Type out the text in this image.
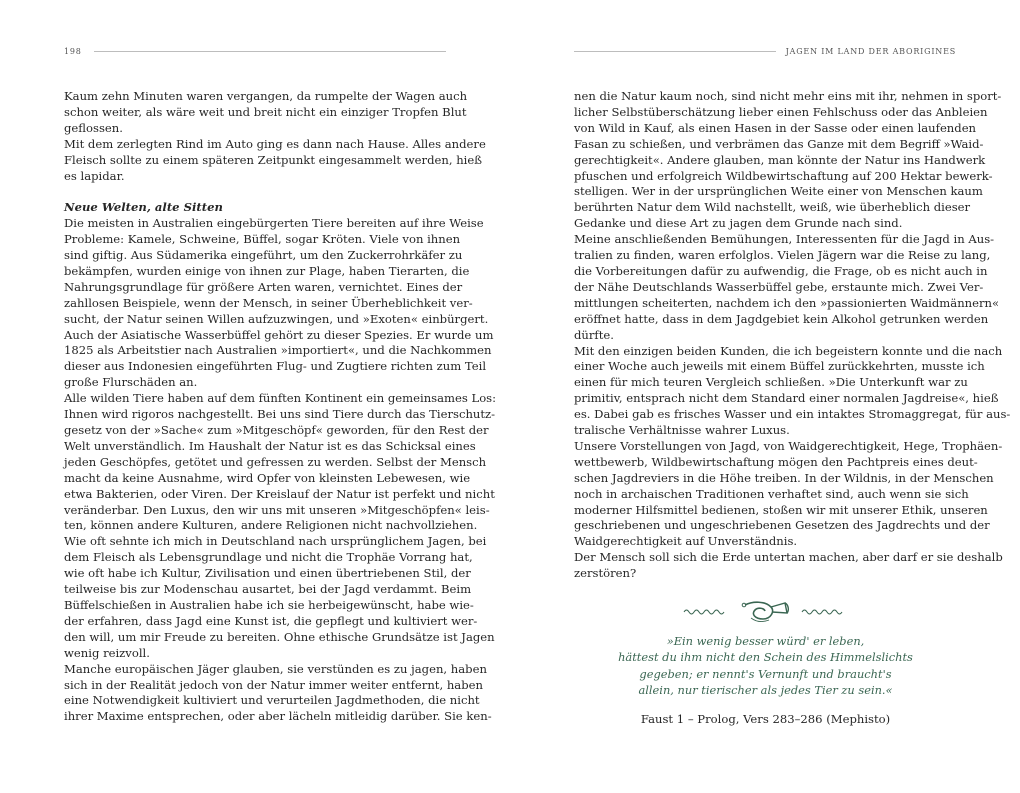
198
Kaum zehn Minuten waren vergangen, da rumpelte der Wagen auch
schon weiter, als wäre weit und breit nicht ein einziger Tropfen Blut
geflossen.
Mit dem zerlegten Rind im Auto ging es dann nach Hause. Alles andere
Fleisch sollte zu einem späteren Zeitpunkt eingesammelt werden, hieß
es lapidar.
Neue Welten, alte Sitten
Die meisten in Australien eingebürgerten Tiere bereiten auf ihre Weise
Probleme: Kamele, Schweine, Büffel, sogar Kröten. Viele von ihnen
sind giftig. Aus Südamerika eingeführt, um den Zuckerrohrkäfer zu
bekämpfen, wurden einige von ihnen zur Plage, haben Tierarten, die
Nahrungsgrundlage für größere Arten waren, vernichtet. Eines der
zahllosen Beispiele, wenn der Mensch, in seiner Überheblichkeit ver-
sucht, der Natur seinen Willen aufzuzwingen, und »Exoten« einbürgert.
Auch der Asiatische Wasserbüffel gehört zu dieser Spezies. Er wurde um
1825 als Arbeitstier nach Australien »importiert«, und die Nachkommen
dieser aus Indonesien eingeführten Flug- und Zugtiere richten zum Teil
große Flurschäden an.
Alle wilden Tiere haben auf dem fünften Kontinent ein gemeinsames Los:
Ihnen wird rigoros nachgestellt. Bei uns sind Tiere durch das Tierschutz-
gesetz von der »Sache« zum »Mitgeschöpf« geworden, für den Rest der
Welt unverständlich. Im Haushalt der Natur ist es das Schicksal eines
jeden Geschöpfes, getötet und gefressen zu werden. Selbst der Mensch
macht da keine Ausnahme, wird Opfer von kleinsten Lebewesen, wie
etwa Bakterien, oder Viren. Der Kreislauf der Natur ist perfekt und nicht
veränderbar. Den Luxus, den wir uns mit unseren »Mitgeschöpfen« leis-
ten, können andere Kulturen, andere Religionen nicht nachvollziehen.
Wie oft sehnte ich mich in Deutschland nach ursprünglichem Jagen, bei
dem Fleisch als Lebensgrundlage und nicht die Trophäe Vorrang hat,
wie oft habe ich Kultur, Zivilisation und einen übertriebenen Stil, der
teilweise bis zur Modenschau ausartet, bei der Jagd verdammt. Beim
Büffelschießen in Australien habe ich sie herbeigewünscht, habe wie-
der erfahren, dass Jagd eine Kunst ist, die gepflegt und kultiviert wer-
den will, um mir Freude zu bereiten. Ohne ethische Grundsätze ist Jagen
wenig reizvoll.
Manche europäischen Jäger glauben, sie verstünden es zu jagen, haben
sich in der Realität jedoch von der Natur immer weiter entfernt, haben
eine Notwendigkeit kultiviert und verurteilen Jagdmethoden, die nicht
ihrer Maxime entsprechen, oder aber lächeln mitleidig darüber. Sie ken-
JAGEN IM LAND DER ABORIGINES
nen die Natur kaum noch, sind nicht mehr eins mit ihr, nehmen in sport-
licher Selbstüberschätzung lieber einen Fehlschuss oder das Anbleien
von Wild in Kauf, als einen Hasen in der Sasse oder einen laufenden
Fasan zu schießen, und verbrämen das Ganze mit dem Begriff »Waid-
gerechtigkeit«. Andere glauben, man könnte der Natur ins Handwerk
pfuschen und erfolgreich Wildbewirtschaftung auf 200 Hektar bewerk-
stelligen. Wer in der ursprünglichen Weite einer von Menschen kaum
berührten Natur dem Wild nachstellt, weiß, wie überheblich dieser
Gedanke und diese Art zu jagen dem Grunde nach sind.
Meine anschließenden Bemühungen, Interessenten für die Jagd in Aus-
tralien zu finden, waren erfolglos. Vielen Jägern war die Reise zu lang,
die Vorbereitungen dafür zu aufwendig, die Frage, ob es nicht auch in
der Nähe Deutschlands Wasserbüffel gebe, erstaunte mich. Zwei Ver-
mittlungen scheiterten, nachdem ich den »passionierten Waidmännern«
eröffnet hatte, dass in dem Jagdgebiet kein Alkohol getrunken werden
dürfte.
Mit den einzigen beiden Kunden, die ich begeistern konnte und die nach
einer Woche auch jeweils mit einem Büffel zurückkehrten, musste ich
einen für mich teuren Vergleich schließen. »Die Unterkunft war zu
primitiv, entsprach nicht dem Standard einer normalen Jagdreise«, hieß
es. Dabei gab es frisches Wasser und ein intaktes Stromaggregat, für aus-
tralische Verhältnisse wahrer Luxus.
Unsere Vorstellungen von Jagd, von Waidgerechtigkeit, Hege, Trophäen-
wettbewerb, Wildbewirtschaftung mögen den Pachtpreis eines deut-
schen Jagdreviers in die Höhe treiben. In der Wildnis, in der Menschen
noch in archaischen Traditionen verhaftet sind, auch wenn sie sich
moderner Hilfsmittel bedienen, stoßen wir mit unserer Ethik, unseren
geschriebenen und ungeschriebenen Gesetzen des Jagdrechts und der
Waidgerechtigkeit auf Unverständnis.
Der Mensch soll sich die Erde untertan machen, aber darf er sie deshalb
zerstören?
»Ein wenig besser würd' er leben,
hättest du ihm nicht den Schein des Himmelslichts
gegeben; er nennt's Vernunft und braucht's
allein, nur tierischer als jedes Tier zu sein.«
Faust 1 – Prolog, Vers 283–286 (Mephisto)
